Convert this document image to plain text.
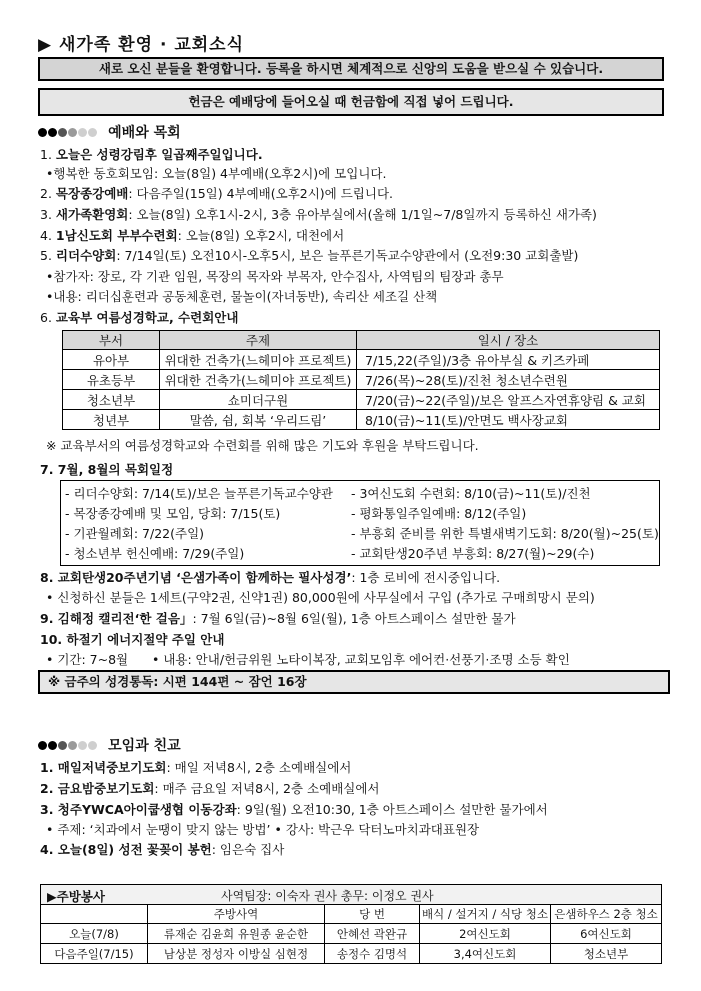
▶ 새가족 환영 · 교회소식
새로 오신 분들을 환영합니다. 등록을 하시면 체계적으로 신앙의 도움을 받으실 수 있습니다.
헌금은 예배당에 들어오실 때 헌금함에 직접 넣어 드립니다.
예배와 목회
1. 오늘은 성령강림후 일곱째주일입니다.
•행복한 동호회모임: 오늘(8일) 4부예배(오후2시)에 모입니다.
2. 목장종강예배: 다음주일(15일) 4부예배(오후2시)에 드립니다.
3. 새가족환영회: 오늘(8일) 오후1시-2시, 3층 유아부실에서(올해 1/1일~7/8일까지 등록하신 새가족)
4. 1남신도회 부부수련회: 오늘(8일) 오후2시, 대천에서
5. 리더수양회: 7/14일(토) 오전10시-오후5시, 보은 늘푸른기독교수양관에서 (오전9:30 교회출발)
•참가자: 장로, 각 기관 임원, 목장의 목자와 부목자, 안수집사, 사역팀의 팀장과 총무
•내용: 리더십훈련과 공동체훈련, 물놀이(자녀동반), 속리산 세조길 산책
6. 교육부 여름성경학교, 수련회안내
부서	주제	일시 / 장소
유아부	위대한 건축가(느헤미야 프로젝트)	7/15,22(주일)/3층 유아부실 & 키즈카페
유초등부	위대한 건축가(느헤미야 프로젝트)	7/26(목)~28(토)/진천 청소년수련원
청소년부	쇼미더구원	7/20(금)~22(주일)/보은 알프스자연휴양림 & 교회
청년부	말씀, 쉼, 회복 ‘우리드림’	8/10(금)~11(토)/안면도 백사장교회
※ 교육부서의 여름성경학교와 수련회를 위해 많은 기도와 후원을 부탁드립니다.
7. 7월, 8월의 목회일정
- 리더수양회: 7/14(토)/보은 늘푸른기독교수양관
- 목장종강예배 및 모임, 당회: 7/15(토)
- 기관월례회: 7/22(주일)
- 청소년부 헌신예배: 7/29(주일)
- 3여신도회 수련회: 8/10(금)~11(토)/진천
- 평화통일주일예배: 8/12(주일)
- 부흥회 준비를 위한 특별새벽기도회: 8/20(월)~25(토)
- 교회탄생20주년 부흥회: 8/27(월)~29(수)
8. 교회탄생20주년기념 ‘은샘가족이 함께하는 필사성경’: 1층 로비에 전시중입니다.
• 신청하신 분들은 1세트(구약2권, 신약1권) 80,000원에 사무실에서 구입 (추가로 구매희망시 문의)
9. 김해정 캘리전‘한 걸음」: 7월 6일(금)~8월 6일(월), 1층 아트스페이스 설만한 물가
10. 하절기 에너지절약 주일 안내
• 기간: 7~8월 • 내용: 안내/헌금위원 노타이복장, 교회모임후 에어컨·선풍기·조명 소등 확인
※ 금주의 성경통독: 시편 144편 ~ 잠언 16장
모임과 친교
1. 매일저녁중보기도회: 매일 저녁8시, 2층 소예배실에서
2. 금요밤중보기도회: 매주 금요일 저녁8시, 2층 소예배실에서
3. 청주YWCA아이쿱생협 이동강좌: 9일(월) 오전10:30, 1층 아트스페이스 설만한 물가에서
• 주제: ‘치과에서 눈땡이 맞지 않는 방법’ • 강사: 박근우 닥터노마치과대표원장
4. 오늘(8일) 성전 꽃꽂이 봉헌: 임은숙 집사
▶주방봉사	사역팀장: 이숙자 권사 총무: 이정오 권사
	주방사역	당 번	배식 / 설거지 / 식당 청소	은샘하우스 2층 청소
오늘(7/8)	류재순 김윤희 유원종 윤순한	안혜선 곽완규	2여신도회	6여신도회
다음주일(7/15)	남상분 정성자 이방실 심현정	송정수 김명석	3,4여신도회	청소년부
